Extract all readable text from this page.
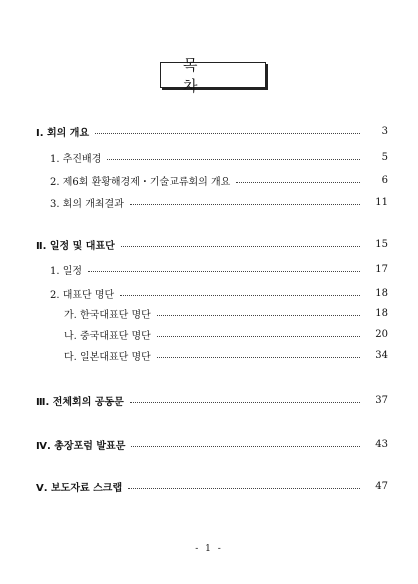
목 차
Ⅰ. 회의 개요	3
1. 추진배경	5
2. 제6회 환황해경제・기술교류회의 개요	6
3. 회의 개최결과	11
Ⅱ. 일정 및 대표단	15
1. 일정	17
2. 대표단 명단	18
가. 한국대표단 명단	18
나. 중국대표단 명단	20
다. 일본대표단 명단	34
Ⅲ. 전체회의 공동문	37
Ⅳ. 총장포럼 발표문	43
Ⅴ. 보도자료 스크랩	47
- 1 -
